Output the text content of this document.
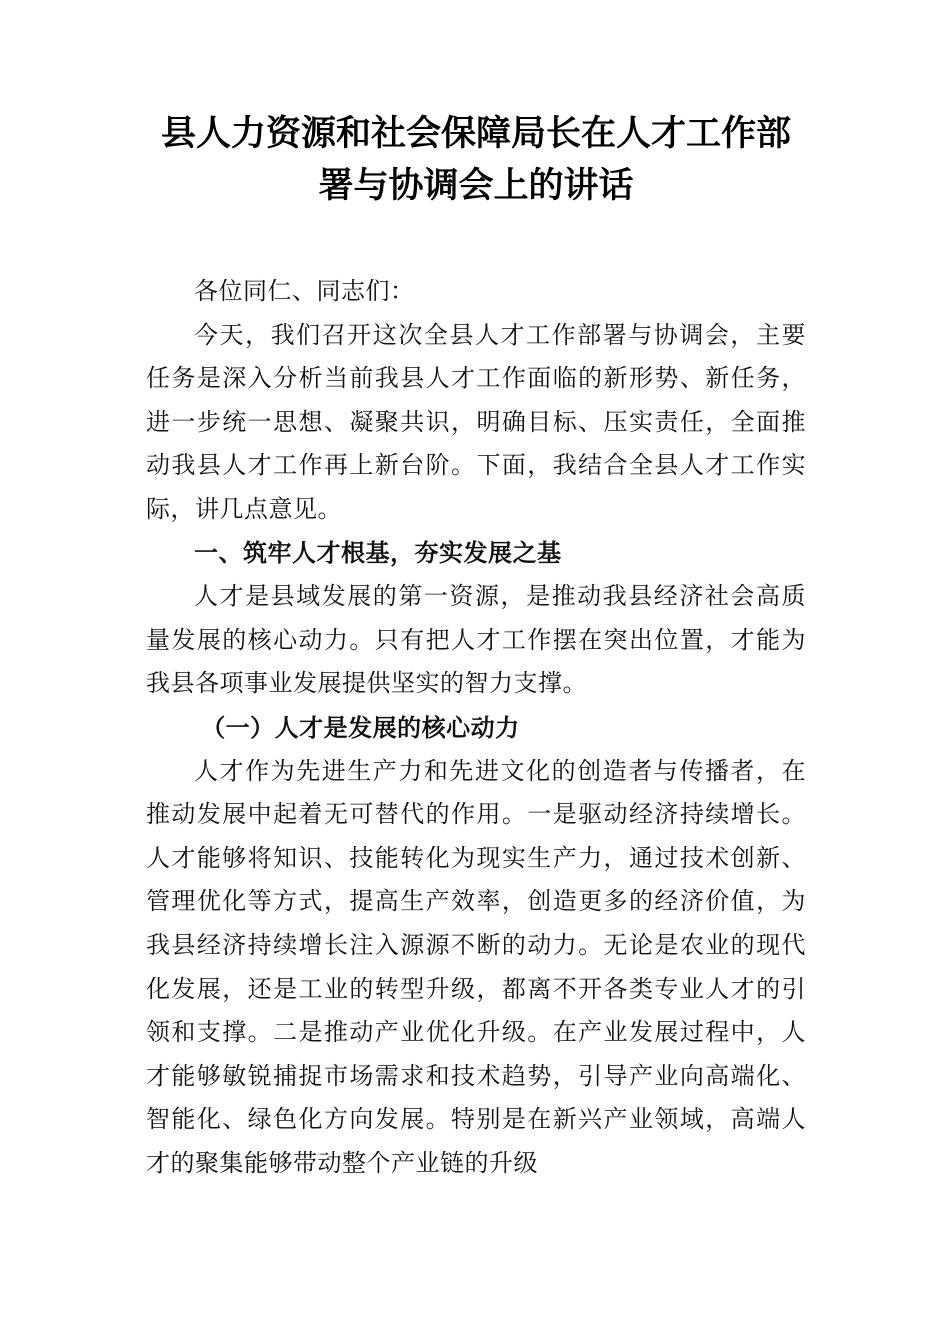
县人力资源和社会保障局长在人才工作部署与协调会上的讲话

各位同仁、同志们：

今天，我们召开这次全县人才工作部署与协调会，主要任务是深入分析当前我县人才工作面临的新形势、新任务，进一步统一思想、凝聚共识，明确目标、压实责任，全面推动我县人才工作再上新台阶。下面，我结合全县人才工作实际，讲几点意见。

一、筑牢人才根基，夯实发展之基

人才是县域发展的第一资源，是推动我县经济社会高质量发展的核心动力。只有把人才工作摆在突出位置，才能为我县各项事业发展提供坚实的智力支撑。

（一）人才是发展的核心动力

人才作为先进生产力和先进文化的创造者与传播者，在推动发展中起着无可替代的作用。一是驱动经济持续增长。人才能够将知识、技能转化为现实生产力，通过技术创新、管理优化等方式，提高生产效率，创造更多的经济价值，为我县经济持续增长注入源源不断的动力。无论是农业的现代化发展，还是工业的转型升级，都离不开各类专业人才的引领和支撑。二是推动产业优化升级。在产业发展过程中，人才能够敏锐捕捉市场需求和技术趋势，引导产业向高端化、智能化、绿色化方向发展。特别是在新兴产业领域，高端人才的聚集能够带动整个产业链的升级
